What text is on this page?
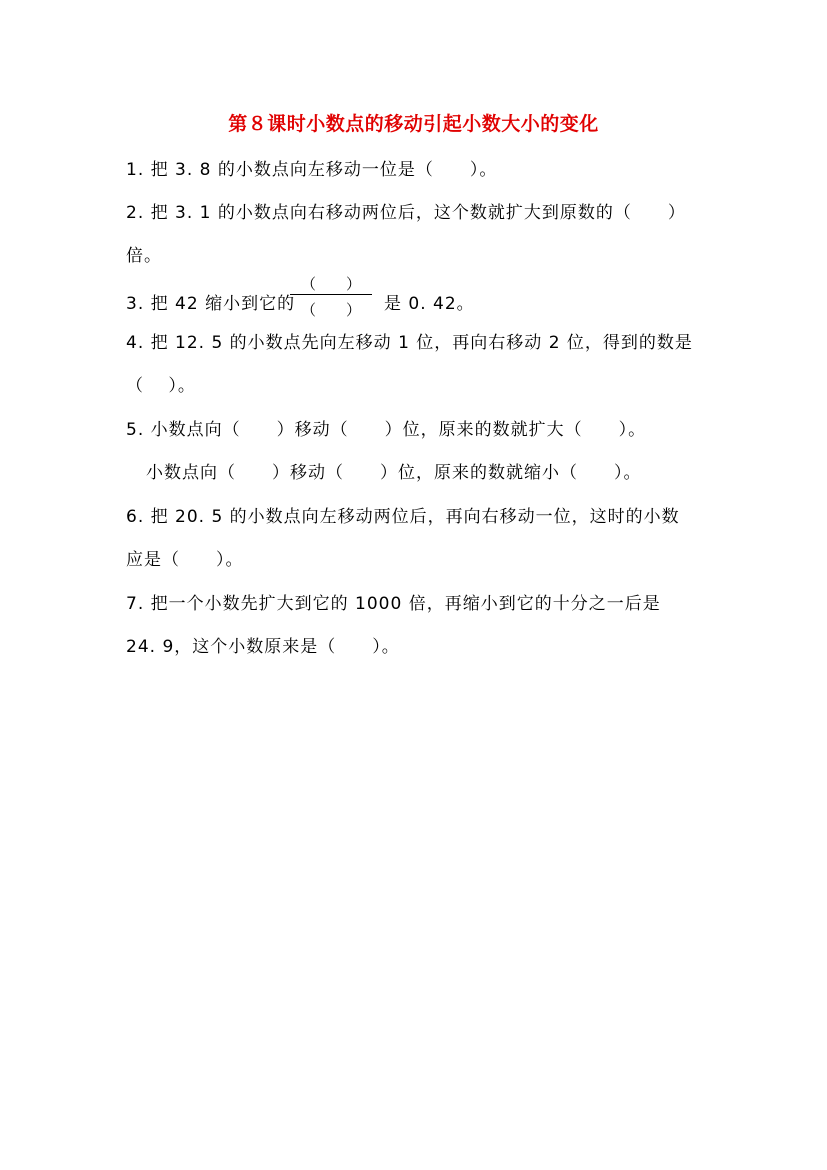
第８课时小数点的移动引起小数大小的变化
1. 把 3. 8 的小数点向左移动一位是（　　）。
2. 把 3. 1 的小数点向右移动两位后，这个数就扩大到原数的（　　）
倍。
3. 把 42 缩小到它的
（　　）
（　　）	是 0. 42。
4. 把 12. 5 的小数点先向左移动 1 位，再向右移动 2 位，得到的数是
（　 ）。
5. 小数点向（　　）移动（　　）位，原来的数就扩大（　　）。
小数点向（　　）移动（　　）位，原来的数就缩小（　　）。
6. 把 20. 5 的小数点向左移动两位后，再向右移动一位，这时的小数
应是（　　）。
7. 把一个小数先扩大到它的 1000 倍，再缩小到它的十分之一后是
24. 9，这个小数原来是（　　）。
